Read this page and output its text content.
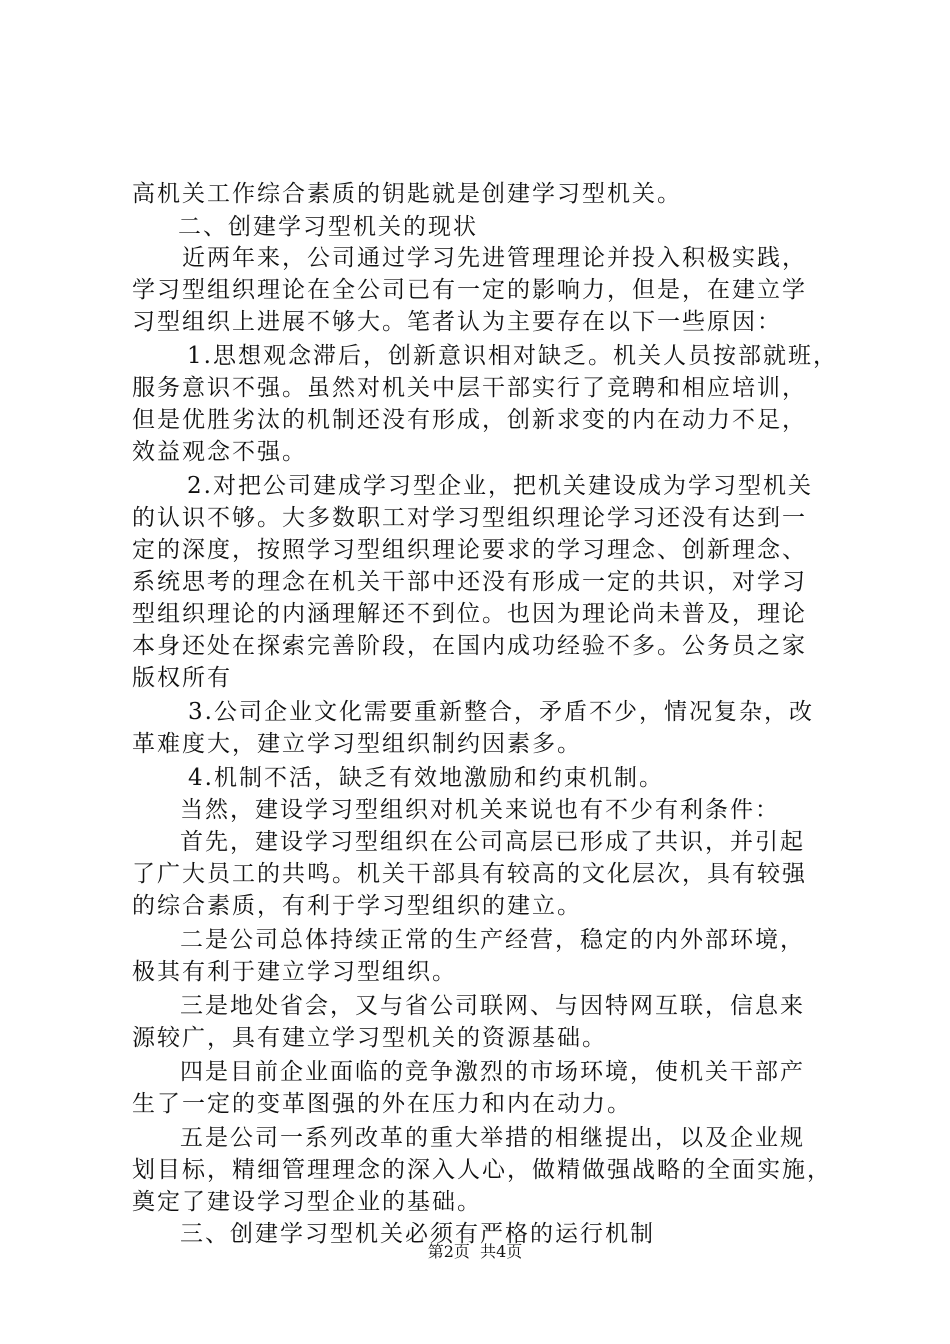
高机关工作综合素质的钥匙就是创建学习型机关。
二、创建学习型机关的现状
近两年来，公司通过学习先进管理理论并投入积极实践，
学习型组织理论在全公司已有一定的影响力，但是，在建立学
习型组织上进展不够大。笔者认为主要存在以下一些原因：
1.思想观念滞后，创新意识相对缺乏。机关人员按部就班，
服务意识不强。虽然对机关中层干部实行了竞聘和相应培训，
但是优胜劣汰的机制还没有形成，创新求变的内在动力不足，
效益观念不强。
2.对把公司建成学习型企业，把机关建设成为学习型机关
的认识不够。大多数职工对学习型组织理论学习还没有达到一
定的深度，按照学习型组织理论要求的学习理念、创新理念、
系统思考的理念在机关干部中还没有形成一定的共识，对学习
型组织理论的内涵理解还不到位。也因为理论尚未普及，理论
本身还处在探索完善阶段，在国内成功经验不多。公务员之家
版权所有
3.公司企业文化需要重新整合，矛盾不少，情况复杂，改
革难度大，建立学习型组织制约因素多。
4.机制不活，缺乏有效地激励和约束机制。
当然，建设学习型组织对机关来说也有不少有利条件：
首先，建设学习型组织在公司高层已形成了共识，并引起
了广大员工的共鸣。机关干部具有较高的文化层次，具有较强
的综合素质，有利于学习型组织的建立。
二是公司总体持续正常的生产经营，稳定的内外部环境，
极其有利于建立学习型组织。
三是地处省会，又与省公司联网、与因特网互联，信息来
源较广，具有建立学习型机关的资源基础。
四是目前企业面临的竞争激烈的市场环境，使机关干部产
生了一定的变革图强的外在压力和内在动力。
五是公司一系列改革的重大举措的相继提出，以及企业规
划目标，精细管理理念的深入人心，做精做强战略的全面实施，
奠定了建设学习型企业的基础。
三、创建学习型机关必须有严格的运行机制
第2页  共4页
